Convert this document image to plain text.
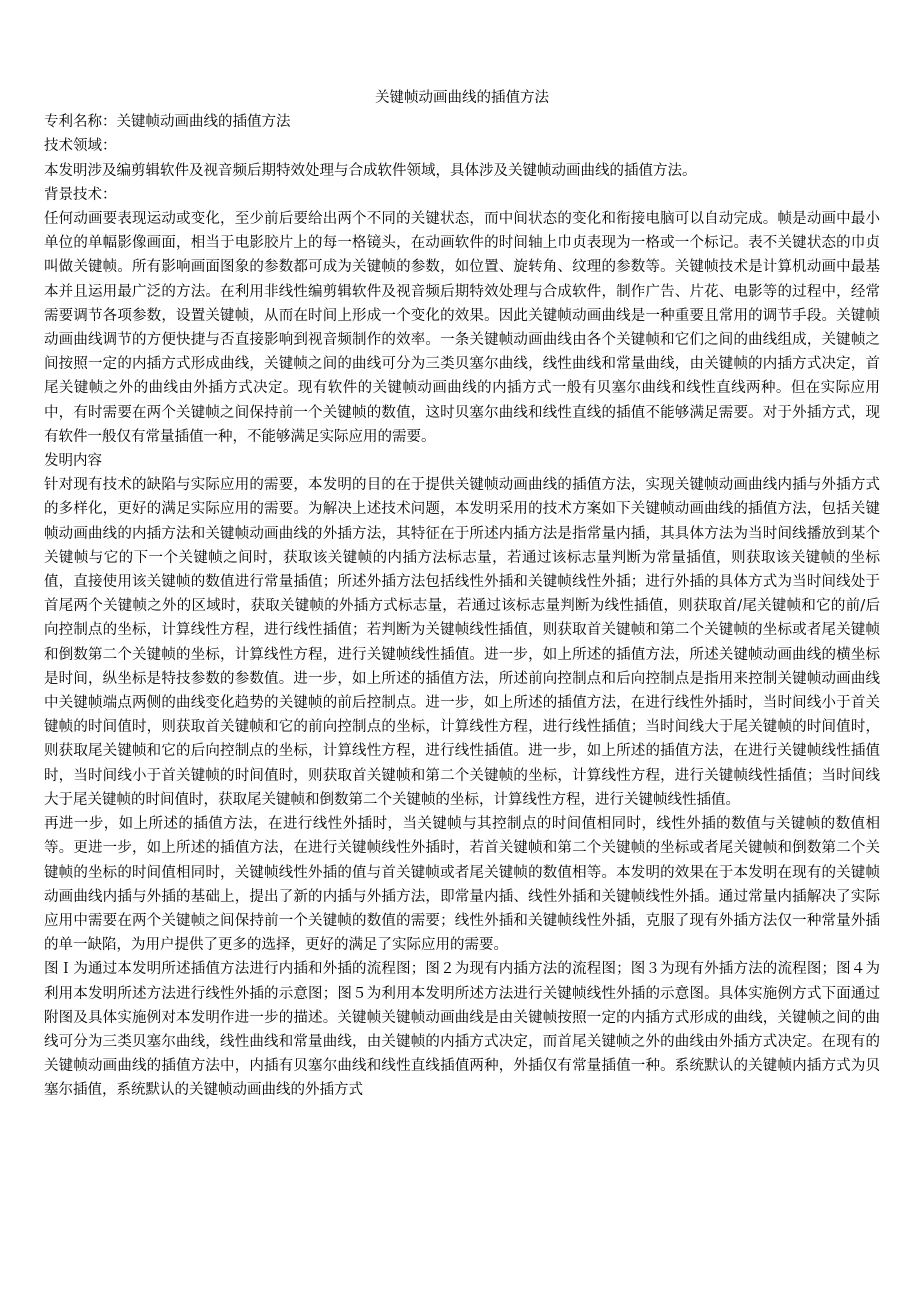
关键帧动画曲线的插值方法

专利名称：关键帧动画曲线的插值方法

技术领域：

本发明涉及编剪辑软件及视音频后期特效处理与合成软件领域，具体涉及关键帧动画曲线的插值方法。

背景技术：

任何动画要表现运动或变化，至少前后要给出两个不同的关键状态，而中间状态的变化和衔接电脑可以自动完成。帧是动画中最小单位的单幅影像画面，相当于电影胶片上的每一格镜头，在动画软件的时间轴上巾贞表现为一格或一个标记。表不关键状态的巾贞叫做关键帧。所有影响画面图象的参数都可成为关键帧的参数，如位置、旋转角、纹理的参数等。关键帧技术是计算机动画中最基本并且运用最广泛的方法。在利用非线性编剪辑软件及视音频后期特效处理与合成软件，制作广告、片花、电影等的过程中，经常需要调节各项参数，设置关键帧，从而在时间上形成一个变化的效果。因此关键帧动画曲线是一种重要且常用的调节手段。关键帧动画曲线调节的方便快捷与否直接影响到视音频制作的效率。一条关键帧动画曲线由各个关键帧和它们之间的曲线组成，关键帧之间按照一定的内插方式形成曲线，关键帧之间的曲线可分为三类贝塞尔曲线，线性曲线和常量曲线，由关键帧的内插方式决定，首尾关键帧之外的曲线由外插方式决定。现有软件的关键帧动画曲线的内插方式一般有贝塞尔曲线和线性直线两种。但在实际应用中，有时需要在两个关键帧之间保持前一个关键帧的数值，这时贝塞尔曲线和线性直线的插值不能够满足需要。对于外插方式，现有软件一般仅有常量插值一种，不能够满足实际应用的需要。

发明内容

针对现有技术的缺陷与实际应用的需要，本发明的目的在于提供关键帧动画曲线的插值方法，实现关键帧动画曲线内插与外插方式的多样化，更好的满足实际应用的需要。为解决上述技术问题，本发明采用的技术方案如下关键帧动画曲线的插值方法，包括关键帧动画曲线的内插方法和关键帧动画曲线的外插方法，其特征在于所述内插方法是指常量内插，其具体方法为当时间线播放到某个关键帧与它的下一个关键帧之间时，获取该关键帧的内插方法标志量，若通过该标志量判断为常量插值，则获取该关键帧的坐标值，直接使用该关键帧的数值进行常量插值；所述外插方法包括线性外插和关键帧线性外插；进行外插的具体方式为当时间线处于首尾两个关键帧之外的区域时，获取关键帧的外插方式标志量，若通过该标志量判断为线性插值，则获取首/尾关键帧和它的前/后向控制点的坐标，计算线性方程，进行线性插值；若判断为关键帧线性插值，则获取首关键帧和第二个关键帧的坐标或者尾关键帧和倒数第二个关键帧的坐标，计算线性方程，进行关键帧线性插值。进一步，如上所述的插值方法，所述关键帧动画曲线的横坐标是时间，纵坐标是特技参数的参数值。进一步，如上所述的插值方法，所述前向控制点和后向控制点是指用来控制关键帧动画曲线中关键帧端点两侧的曲线变化趋势的关键帧的前后控制点。进一步，如上所述的插值方法，在进行线性外插时，当时间线小于首关键帧的时间值时，则获取首关键帧和它的前向控制点的坐标，计算线性方程，进行线性插值；当时间线大于尾关键帧的时间值时，则获取尾关键帧和它的后向控制点的坐标，计算线性方程，进行线性插值。进一步，如上所述的插值方法，在进行关键帧线性插值时，当时间线小于首关键帧的时间值时，则获取首关键帧和第二个关键帧的坐标，计算线性方程，进行关键帧线性插值；当时间线大于尾关键帧的时间值时，获取尾关键帧和倒数第二个关键帧的坐标，计算线性方程，进行关键帧线性插值。

再进一步，如上所述的插值方法，在进行线性外插时，当关键帧与其控制点的时间值相同时，线性外插的数值与关键帧的数值相等。更进一步，如上所述的插值方法，在进行关键帧线性外插时，若首关键帧和第二个关键帧的坐标或者尾关键帧和倒数第二个关键帧的坐标的时间值相同时，关键帧线性外插的值与首关键帧或者尾关键帧的数值相等。本发明的效果在于本发明在现有的关键帧动画曲线内插与外插的基础上，提出了新的内插与外插方法，即常量内插、线性外插和关键帧线性外插。通过常量内插解决了实际应用中需要在两个关键帧之间保持前一个关键帧的数值的需要；线性外插和关键帧线性外插，克服了现有外插方法仅一种常量外插的单一缺陷，为用户提供了更多的选择，更好的满足了实际应用的需要。

图Ｉ为通过本发明所述插值方法进行内插和外插的流程图；图２为现有内插方法的流程图；图３为现有外插方法的流程图；图４为利用本发明所述方法进行线性外插的示意图；图５为利用本发明所述方法进行关键帧线性外插的示意图。具体实施例方式下面通过附图及具体实施例对本发明作进一步的描述。关键帧关键帧动画曲线是由关键帧按照一定的内插方式形成的曲线，关键帧之间的曲线可分为三类贝塞尔曲线，线性曲线和常量曲线，由关键帧的内插方式决定，而首尾关键帧之外的曲线由外插方式决定。在现有的关键帧动画曲线的插值方法中，内插有贝塞尔曲线和线性直线插值两种，外插仅有常量插值一种。系统默认的关键帧内插方式为贝塞尔插值，系统默认的关键帧动画曲线的外插方式
